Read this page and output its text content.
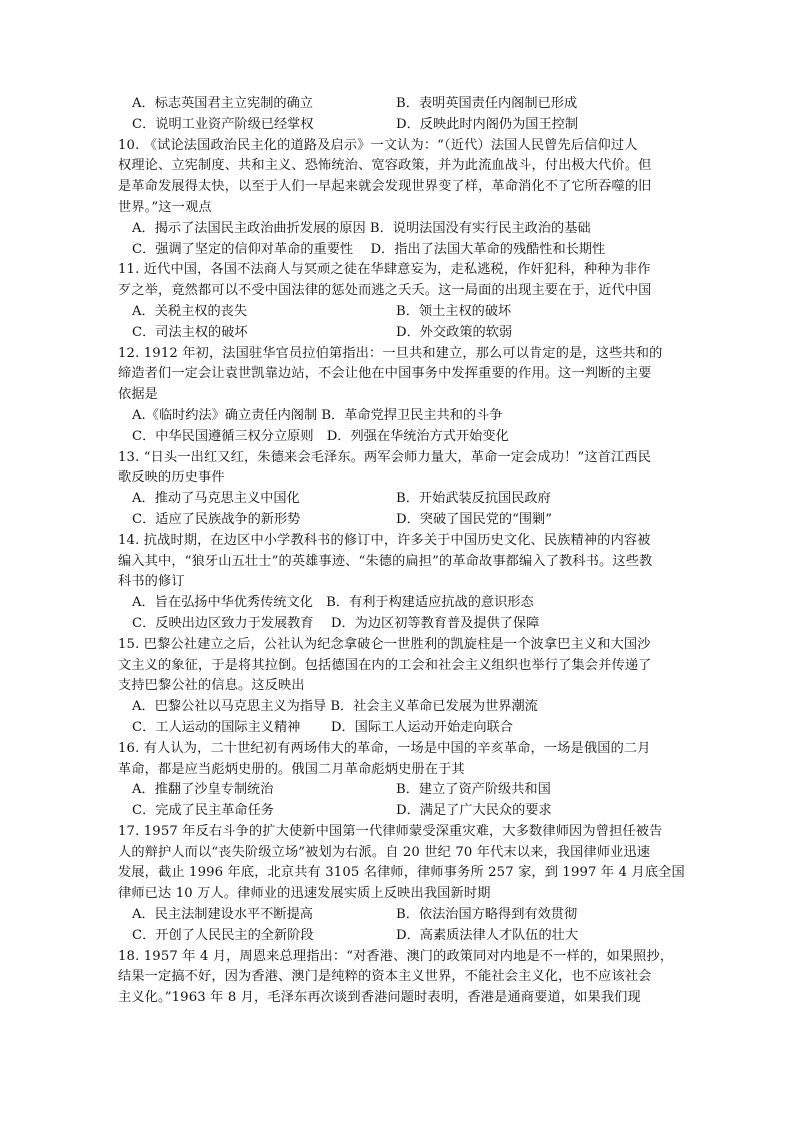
A．标志英国君主立宪制的确立	B．表明英国责任内阁制已形成
C．说明工业资产阶级已经掌权	D．反映此时内阁仍为国王控制
10. 《试论法国政治民主化的道路及启示》一文认为：“（近代）法国人民曾先后信仰过人
权理论、立宪制度、共和主义、恐怖统治、宽容政策，并为此流血战斗，付出极大代价。但
是革命发展得太快，以至于人们一早起来就会发现世界变了样，革命消化不了它所吞噬的旧
世界。”这一观点
A．揭示了法国民主政治曲折发展的原因 B．说明法国没有实行民主政治的基础
C．强调了坚定的信仰对革命的重要性　 D．指出了法国大革命的残酷性和长期性
11. 近代中国，各国不法商人与冥顽之徒在华肆意妄为，走私逃税，作奸犯科，种种为非作
歹之举，竟然都可以不受中国法律的惩处而逃之夭夭。这一局面的出现主要在于，近代中国
A．关税主权的丧失	B．领土主权的破坏
C．司法主权的破坏	D．外交政策的软弱
12. 1912 年初，法国驻华官员拉伯第指出：一旦共和建立，那么可以肯定的是，这些共和的
缔造者们一定会让袁世凯靠边站，不会让他在中国事务中发挥重要的作用。这一判断的主要
依据是
A.《临时约法》确立责任内阁制 B．革命党捍卫民主共和的斗争
C．中华民国遵循三权分立原则　D．列强在华统治方式开始变化
13. “日头一出红又红，朱德来会毛泽东。两军会师力量大，革命一定会成功！”这首江西民
歌反映的历史事件
A．推动了马克思主义中国化	B．开始武装反抗国民政府
C．适应了民族战争的新形势	D．突破了国民党的“围剿”
14. 抗战时期，在边区中小学教科书的修订中，许多关于中国历史文化、民族精神的内容被
编入其中，“狼牙山五壮士”的英雄事迹、“朱德的扁担”的革命故事都编入了教科书。这些教
科书的修订
A．旨在弘扬中华优秀传统文化　B．有利于构建适应抗战的意识形态
C．反映出边区致力于发展教育　 D．为边区初等教育普及提供了保障
15. 巴黎公社建立之后，公社认为纪念拿破仑一世胜利的凯旋柱是一个波拿巴主义和大国沙
文主义的象征，于是将其拉倒。包括德国在内的工会和社会主义组织也举行了集会并传递了
支持巴黎公社的信息。这反映出
A．巴黎公社以马克思主义为指导 B．社会主义革命已发展为世界潮流
C．工人运动的国际主义精神　　 D．国际工人运动开始走向联合
16. 有人认为，二十世纪初有两场伟大的革命，一场是中国的辛亥革命，一场是俄国的二月
革命，都是应当彪炳史册的。俄国二月革命彪炳史册在于其
A．推翻了沙皇专制统治	B．建立了资产阶级共和国
C．完成了民主革命任务	D．满足了广大民众的要求
17. 1957 年反右斗争的扩大使新中国第一代律师蒙受深重灾难，大多数律师因为曾担任被告
人的辩护人而以“丧失阶级立场”被划为右派。自 20 世纪 70 年代末以来，我国律师业迅速
发展，截止 1996 年底，北京共有 3105 名律师，律师事务所 257 家，到 1997 年 4 月底全国
律师已达 10 万人。律师业的迅速发展实质上反映出我国新时期
A．民主法制建设水平不断提高	B．依法治国方略得到有效贯彻
C．开创了人民民主的全新阶段	D．高素质法律人才队伍的壮大
18. 1957 年 4 月，周恩来总理指出：“对香港、澳门的政策同对内地是不一样的，如果照抄，
结果一定搞不好，因为香港、澳门是纯粹的资本主义世界，不能社会主义化，也不应该社会
主义化。”1963 年 8 月，毛泽东再次谈到香港问题时表明，香港是通商要道，如果我们现
